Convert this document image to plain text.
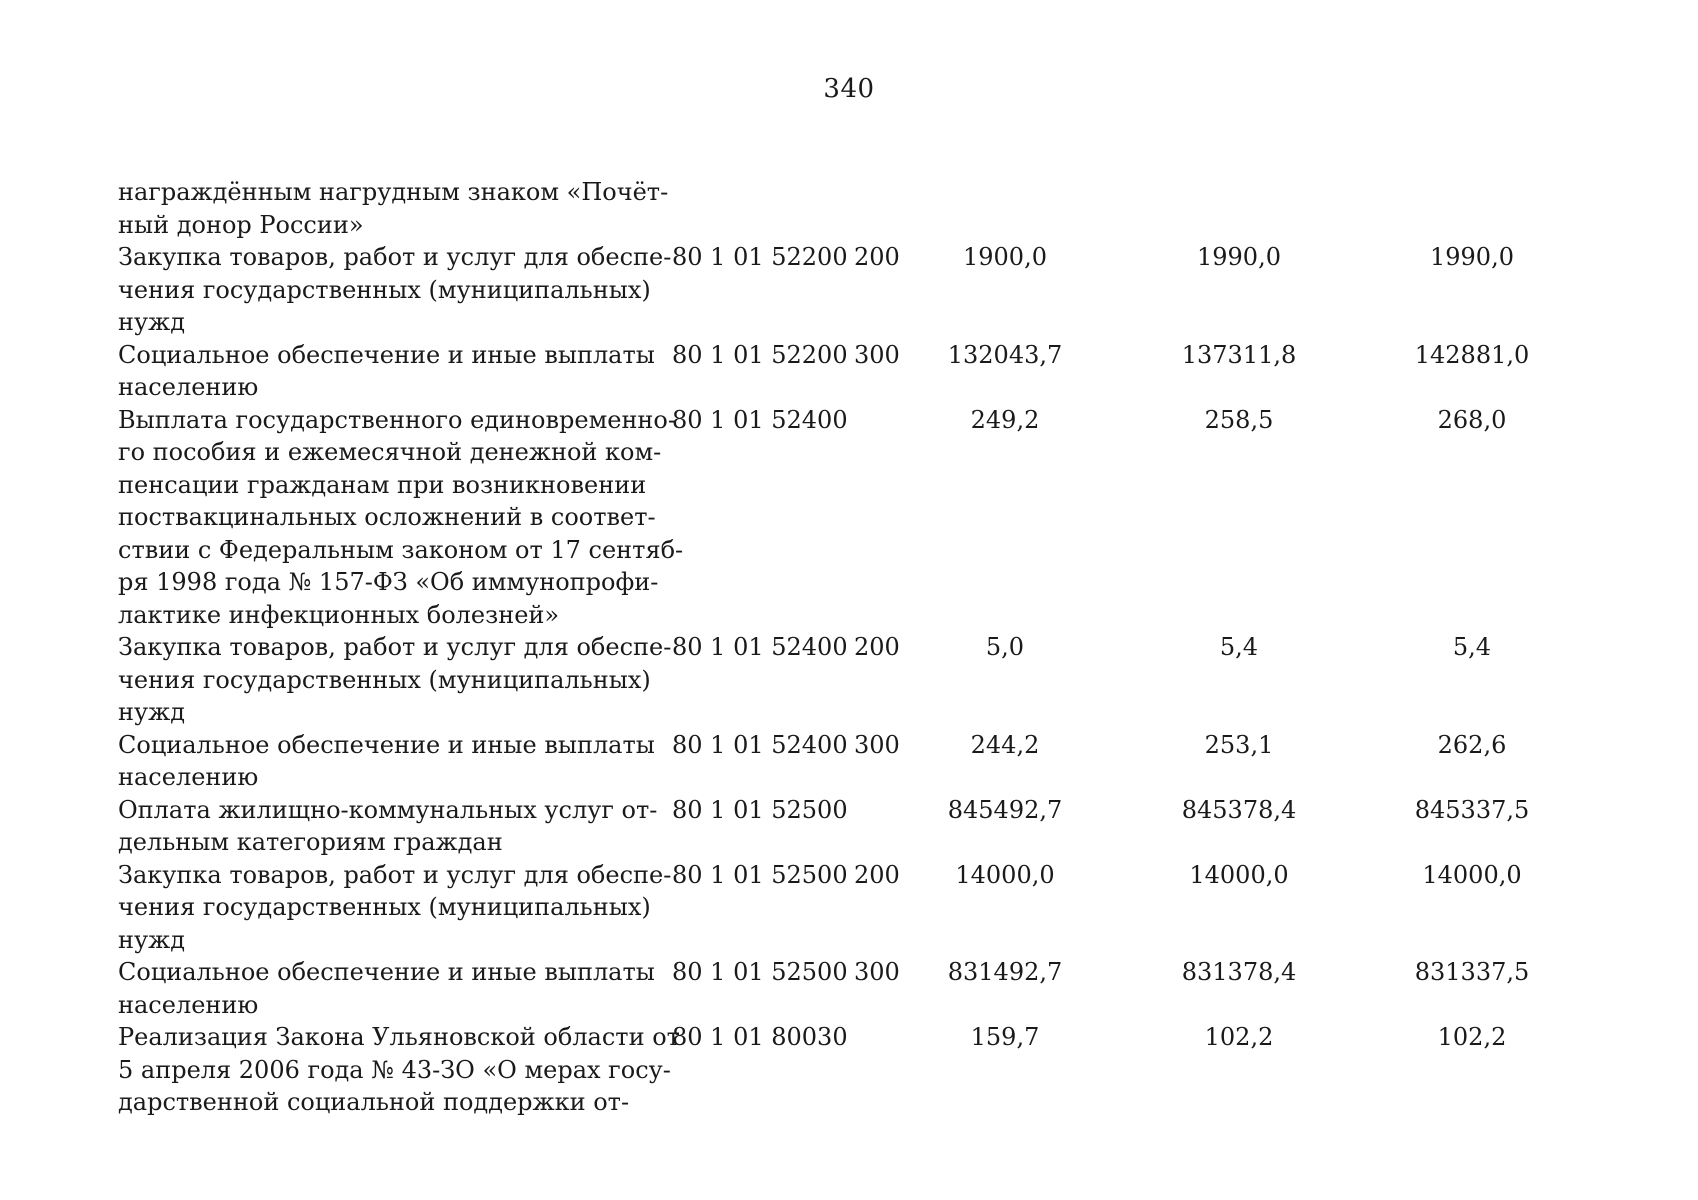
340
награждённым нагрудным знаком «Почёт-
ный донор России»
Закупка товаров, работ и услуг для обеспе-
чения государственных (муниципальных)
нужд
80 1 01 52200 200	1900,0	1990,0	1990,0
Социальное обеспечение и иные выплаты
населению
80 1 01 52200 300	132043,7	137311,8	142881,0
Выплата государственного единовременно-
го пособия и ежемесячной денежной ком-
пенсации гражданам при возникновении
поствакцинальных осложнений в соответ-
ствии с Федеральным законом от 17 сентяб-
ря 1998 года № 157-ФЗ «Об иммунопрофи-
лактике инфекционных болезней»
80 1 01 52400	249,2	258,5	268,0
Закупка товаров, работ и услуг для обеспе-
чения государственных (муниципальных)
нужд
80 1 01 52400 200	5,0	5,4	5,4
Социальное обеспечение и иные выплаты
населению
80 1 01 52400 300	244,2	253,1	262,6
Оплата жилищно-коммунальных услуг от-
дельным категориям граждан
80 1 01 52500	845492,7	845378,4	845337,5
Закупка товаров, работ и услуг для обеспе-
чения государственных (муниципальных)
нужд
80 1 01 52500 200	14000,0	14000,0	14000,0
Социальное обеспечение и иные выплаты
населению
80 1 01 52500 300	831492,7	831378,4	831337,5
Реализация Закона Ульяновской области от
5 апреля 2006 года № 43-ЗО «О мерах госу-
дарственной социальной поддержки от-
80 1 01 80030	159,7	102,2	102,2
